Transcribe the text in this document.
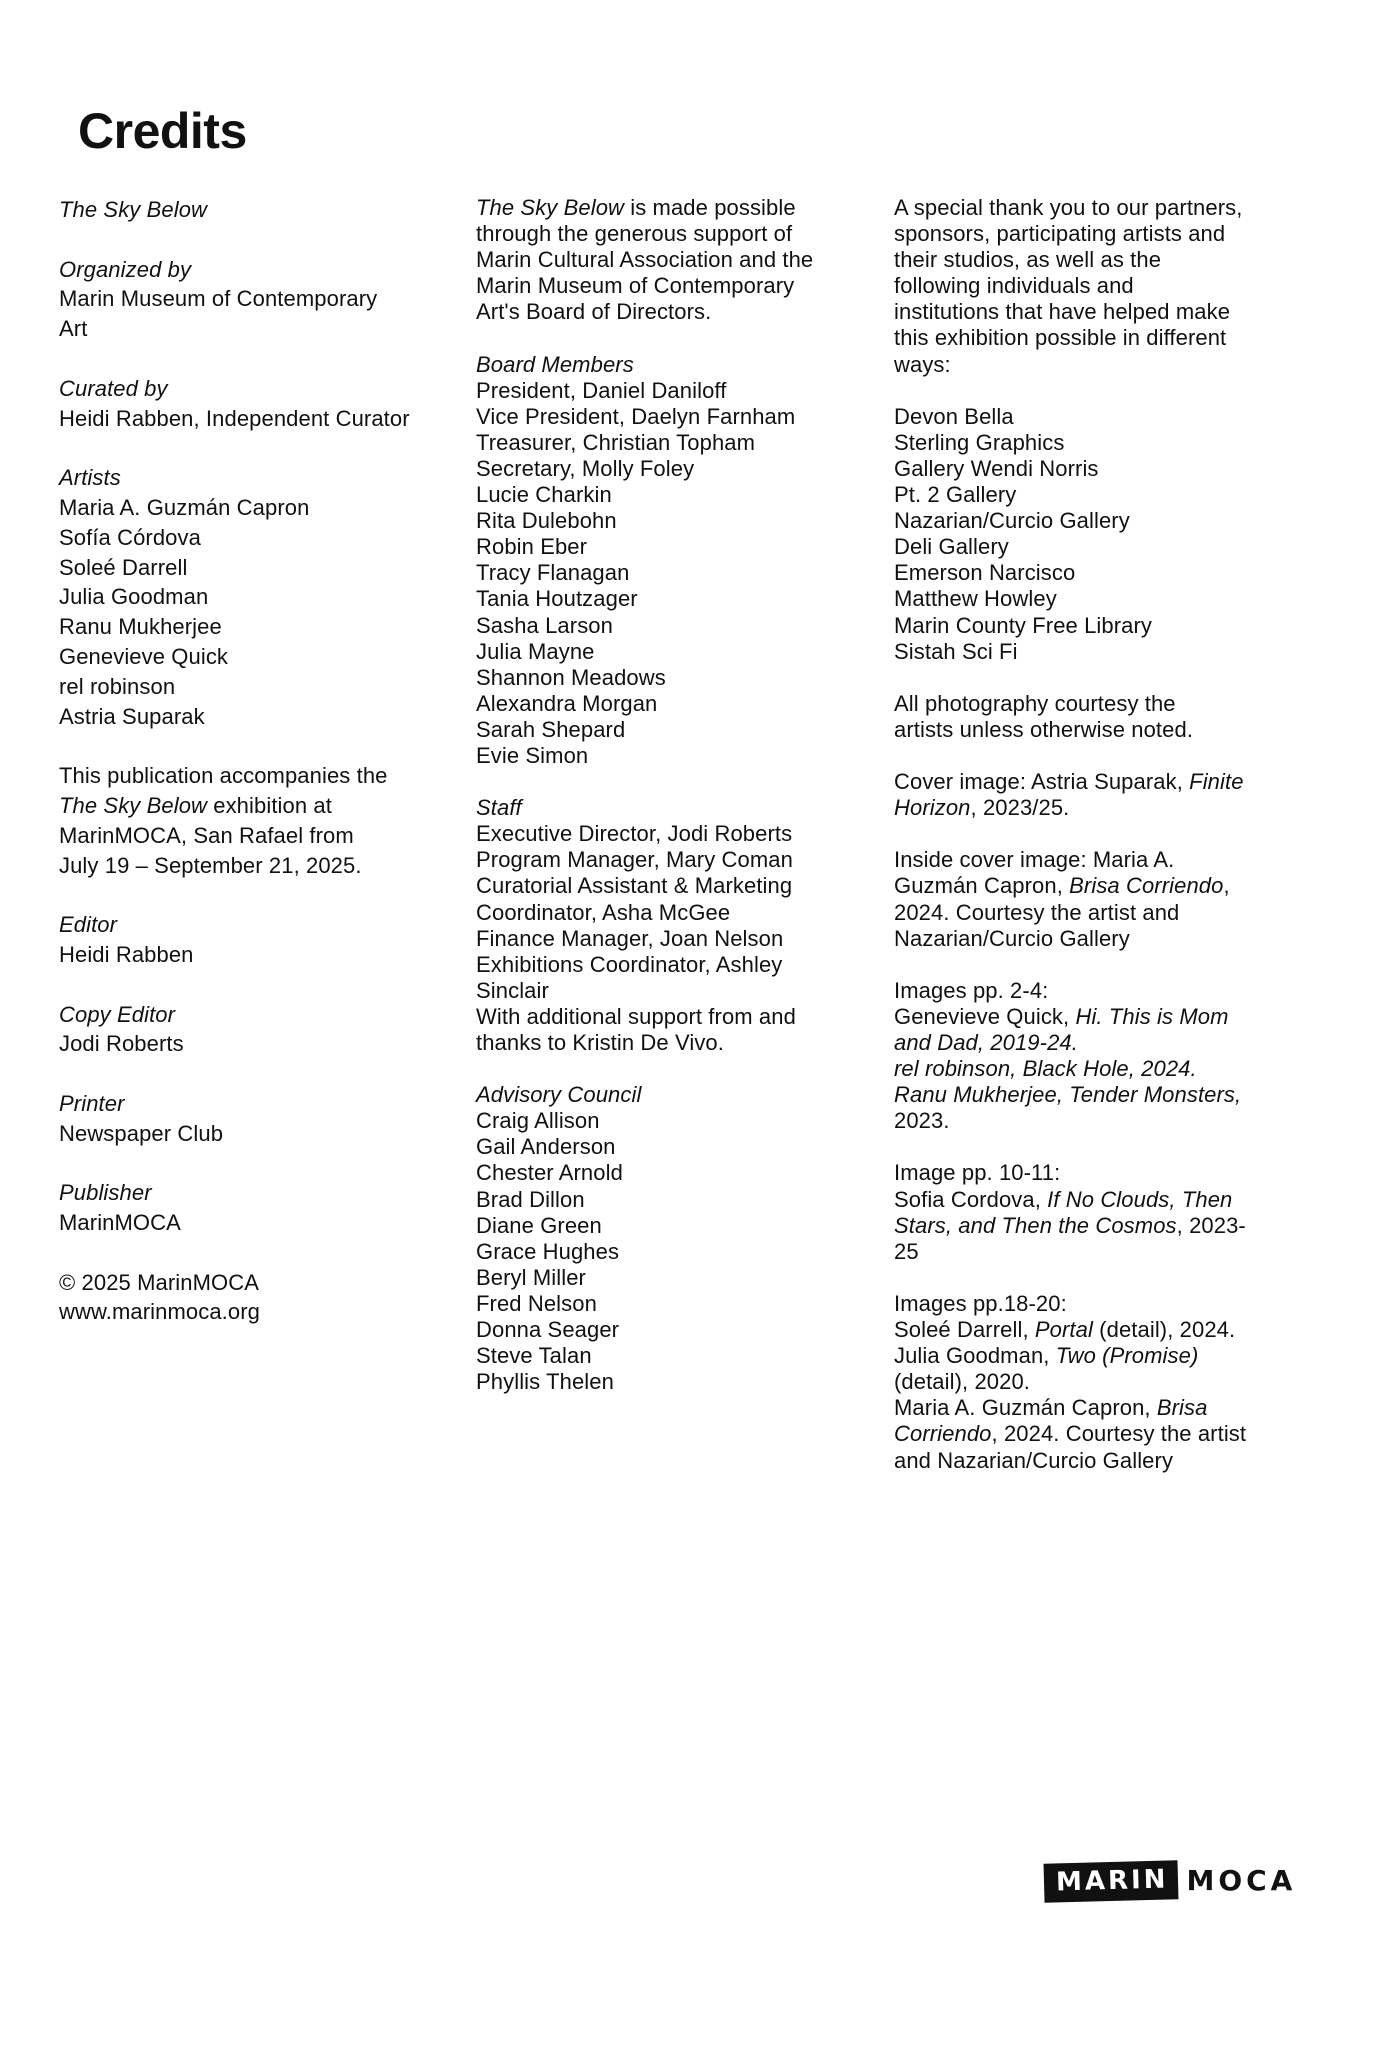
Credits
The Sky Below
Organized by
Marin Museum of Contemporary
Art
Curated by
Heidi Rabben, Independent Curator
Artists
Maria A. Guzmán Capron
Sofía Córdova
Soleé Darrell
Julia Goodman
Ranu Mukherjee
Genevieve Quick
rel robinson
Astria Suparak
This publication accompanies the
The Sky Below exhibition at
MarinMOCA, San Rafael from
July 19 – September 21, 2025.
Editor
Heidi Rabben
Copy Editor
Jodi Roberts
Printer
Newspaper Club
Publisher
MarinMOCA
© 2025 MarinMOCA
www.marinmoca.org
The Sky Below is made possible
through the generous support of
Marin Cultural Association and the
Marin Museum of Contemporary
Art's Board of Directors.
Board Members
President, Daniel Daniloff
Vice President, Daelyn Farnham
Treasurer, Christian Topham
Secretary, Molly Foley
Lucie Charkin
Rita Dulebohn
Robin Eber
Tracy Flanagan
Tania Houtzager
Sasha Larson
Julia Mayne
Shannon Meadows
Alexandra Morgan
Sarah Shepard
Evie Simon
Staff
Executive Director, Jodi Roberts
Program Manager, Mary Coman
Curatorial Assistant & Marketing
Coordinator, Asha McGee
Finance Manager, Joan Nelson
Exhibitions Coordinator, Ashley
Sinclair
With additional support from and
thanks to Kristin De Vivo.
Advisory Council
Craig Allison
Gail Anderson
Chester Arnold
Brad Dillon
Diane Green
Grace Hughes
Beryl Miller
Fred Nelson
Donna Seager
Steve Talan
Phyllis Thelen
A special thank you to our partners,
sponsors, participating artists and
their studios, as well as the
following individuals and
institutions that have helped make
this exhibition possible in different
ways:
Devon Bella
Sterling Graphics
Gallery Wendi Norris
Pt. 2 Gallery
Nazarian/Curcio Gallery
Deli Gallery
Emerson Narcisco
Matthew Howley
Marin County Free Library
Sistah Sci Fi
All photography courtesy the
artists unless otherwise noted.
Cover image: Astria Suparak, Finite
Horizon, 2023/25.
Inside cover image: Maria A.
Guzmán Capron, Brisa Corriendo,
2024. Courtesy the artist and
Nazarian/Curcio Gallery
Images pp. 2-4:
Genevieve Quick, Hi. This is Mom
and Dad, 2019-24.
rel robinson, Black Hole, 2024.
Ranu Mukherjee, Tender Monsters,
2023.
Image pp. 10-11:
Sofia Cordova, If No Clouds, Then
Stars, and Then the Cosmos, 2023-
25
Images pp.18-20:
Soleé Darrell, Portal (detail), 2024.
Julia Goodman, Two (Promise)
(detail), 2020.
Maria A. Guzmán Capron, Brisa
Corriendo, 2024. Courtesy the artist
and Nazarian/Curcio Gallery
MARIN MOCA
